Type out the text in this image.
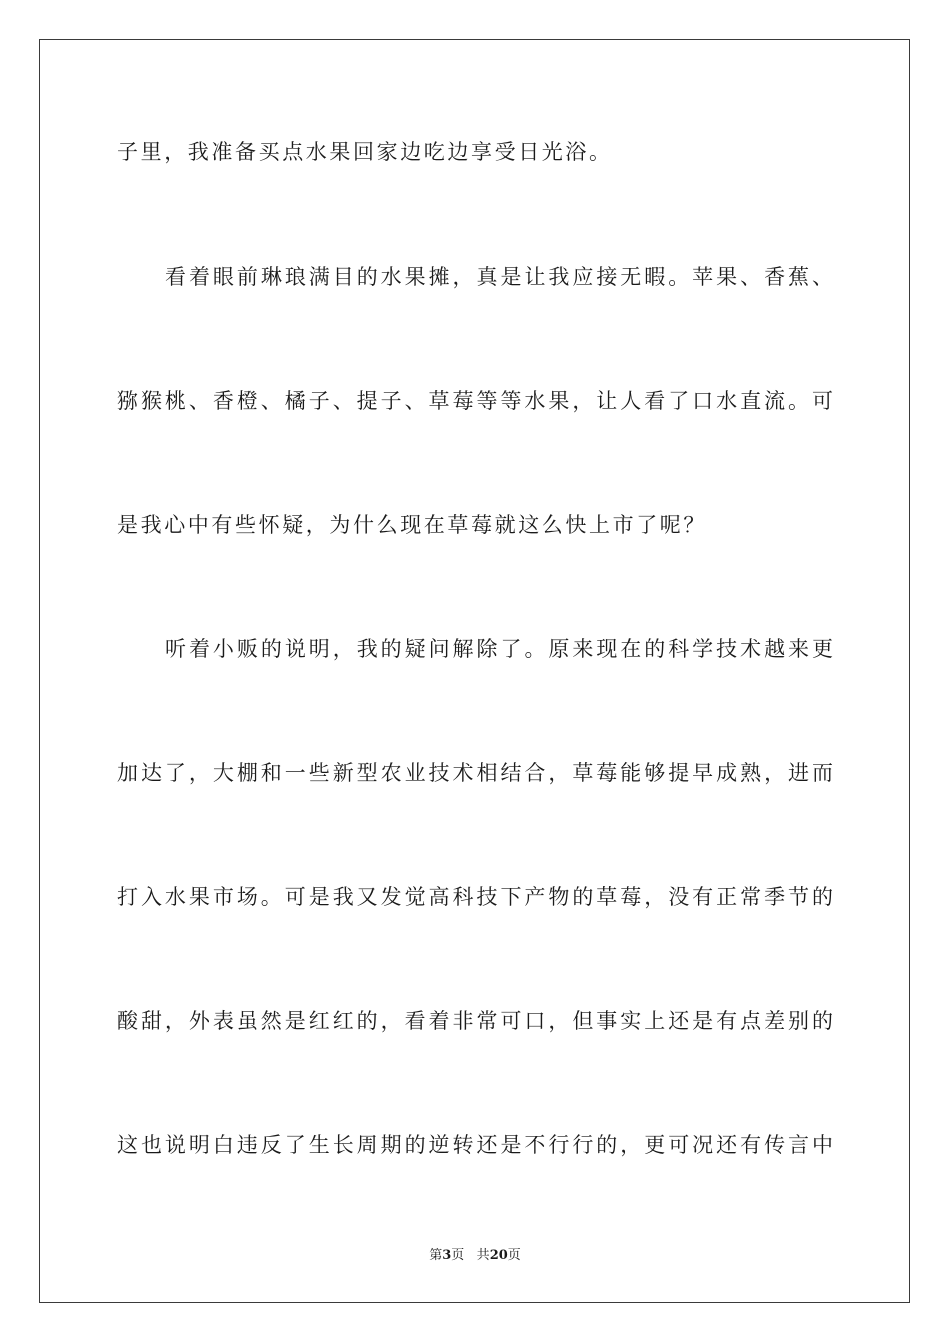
子里，我准备买点水果回家边吃边享受日光浴。
看着眼前琳琅满目的水果摊，真是让我应接无暇。苹果、香蕉、
猕猴桃、香橙、橘子、提子、草莓等等水果，让人看了口水直流。可
是我心中有些怀疑，为什么现在草莓就这么快上市了呢？
听着小贩的说明，我的疑问解除了。原来现在的科学技术越来更
加达了，大棚和一些新型农业技术相结合，草莓能够提早成熟，进而
打入水果市场。可是我又发觉高科技下产物的草莓，没有正常季节的
酸甜，外表虽然是红红的，看着非常可口，但事实上还是有点差别的
这也说明白违反了生长周期的逆转还是不行行的，更可况还有传言中
第3页 共20页
